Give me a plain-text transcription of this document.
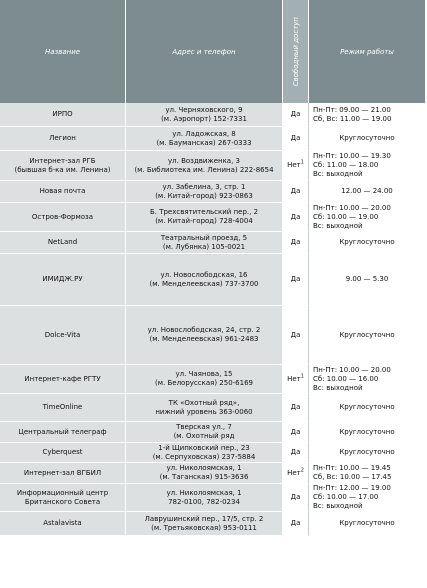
Название	Адрес и телефон	Свободный доступ	Режим работы

ИРПО	ул. Черняховского, 9
(м. Аэропорт) 152-7331	Да	Пн-Пт: 09.00 — 21.00
Сб, Вс: 11.00 — 19.00

Легион	ул. Ладожская, 8
(м. Бауманская) 267-0333	Да	Круглосуточно

Интернет-зал РГБ
(бывшая б-ка им. Ленина)	ул. Воздвиженка, 3
(м. Библиотека им. Ленина) 222-8654	Нет$^1$	Пн-Пт: 10.00 — 19.30
Сб: 11.00 — 18.00
Вс: выходной

Новая почта	ул. Забелина, 3, стр. 1
(м. Китай-город) 923-0863	Да	12.00 — 24.00

Остров-Формоза	Б. Трехсвятительский пер., 2
(м. Китай-город) 728-4004	Да	Пн-Пт: 10.00 — 20.00
Сб: 10.00 — 19.00
Вс: выходной

NetLand	Театральный проезд, 5
(м. Лубянка) 105-0021	Да	Круглосуточно

ИМИДЖ.РУ	ул. Новослободская, 16
(м. Менделеевская) 737-3700	Да	9.00 — 5.30

Dolce-Vita	ул. Новослободская, 24, стр. 2
(м. Менделеевская) 961-2483	Да	Круглосуточно

Интернет-кафе РГТУ	ул. Чаянова, 15
(м. Белорусская) 250-6169	Нет$^1$	Пн-Пт: 10.00 — 20.00
Сб: 10.00 — 16.00
Вс: выходной

TimeOnline	ТК «Охотный ряд»,
нижний уровень 363-0060	Да	Круглосуточно

Центральный телеграф	Тверская ул., 7
(м. Охотный ряд	Да	Круглосуточно

Cyberquest	1-й Щипковский пер., 23
(м. Серпуховская) 237-5884	Да	Круглосуточно

Интернет-зал ВГБИЛ	ул. Николоямская, 1
(м. Таганская) 915-3636	Нет$^2$	Пн-Пт: 10.00 — 19.45
Сб, Вс: 10.00 — 17.45

Информационный центр
Британского Совета	ул. Николоямская, 1
782-0100, 782-0234	Да	Пн-Пт: 12.00 — 19.00
Сб: 10.00 — 17.00
Вс: выходной

Astalavista	Лаврушинский пер., 17/5, стр. 2
(м. Третьяковская) 953-0111	Да	Круглосуточно
